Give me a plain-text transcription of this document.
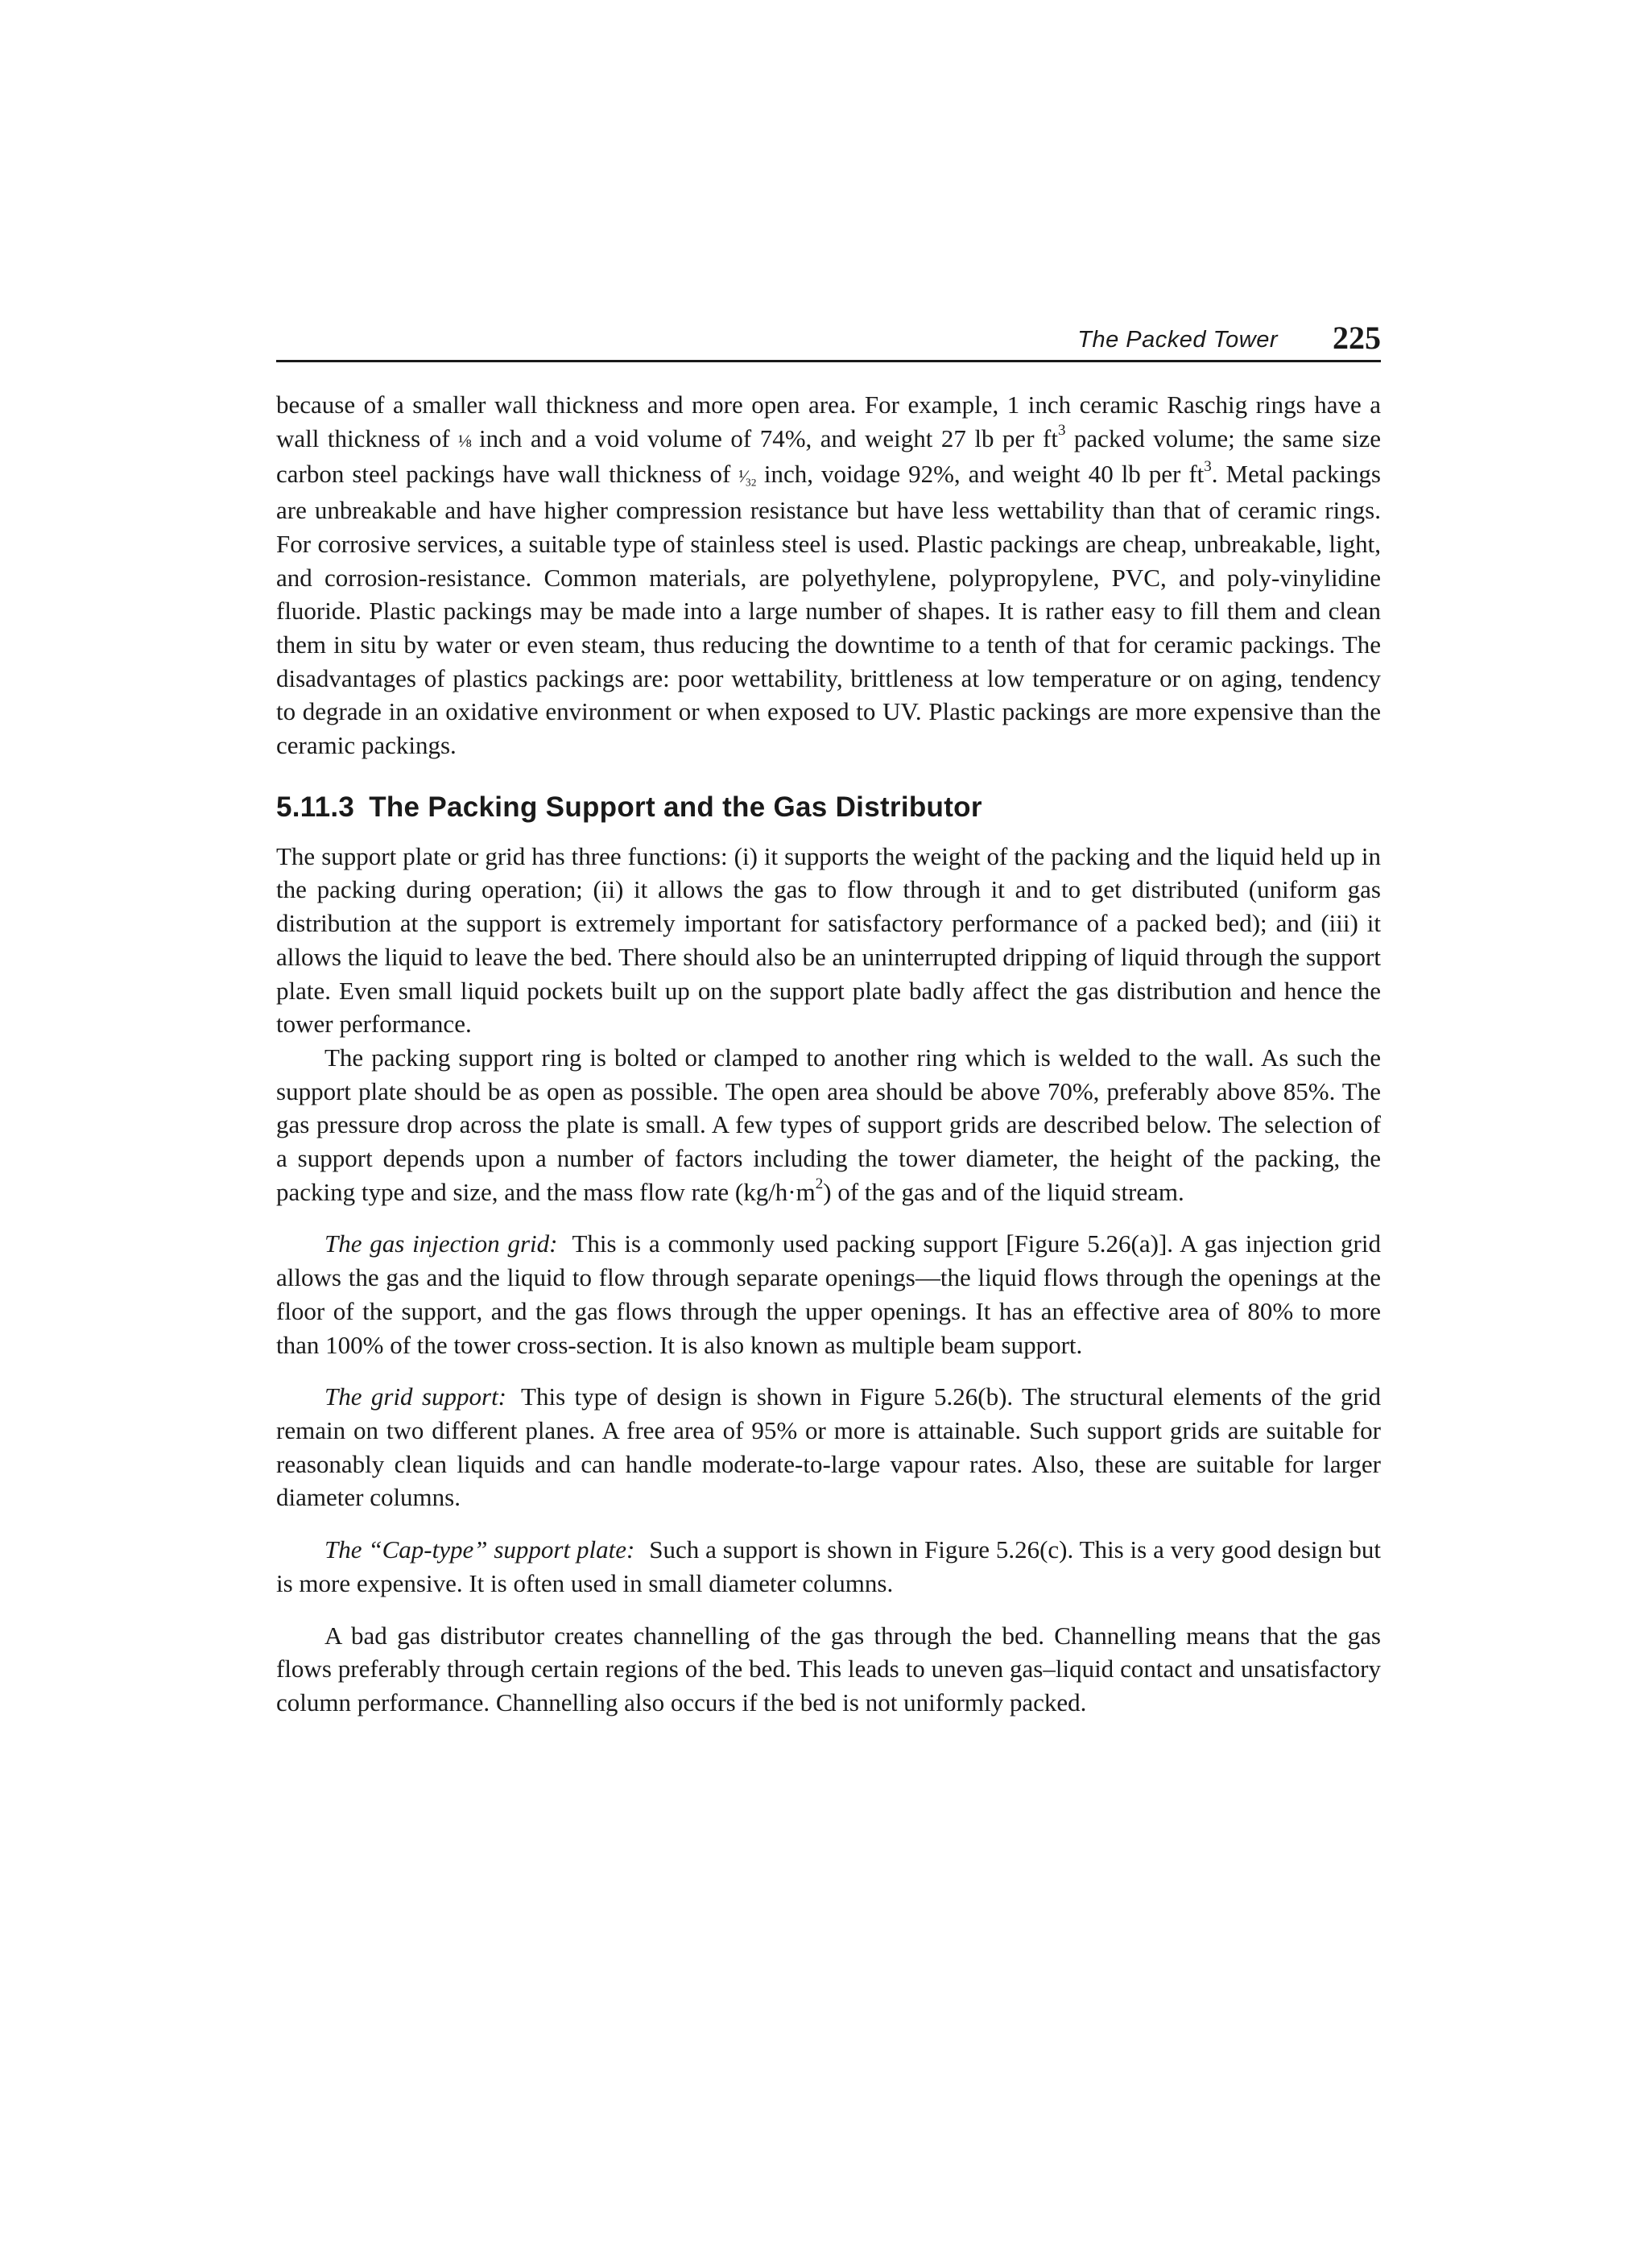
The Packed Tower 225

because of a smaller wall thickness and more open area. For example, 1 inch ceramic Raschig rings have a wall thickness of ⅛ inch and a void volume of 74%, and weight 27 lb per $ft^3$ packed volume; the same size carbon steel packings have wall thickness of ¹⁄₃₂ inch, voidage 92%, and weight 40 lb per $ft^3$. Metal packings are unbreakable and have higher compression resistance but have less wettability than that of ceramic rings. For corrosive services, a suitable type of stainless steel is used. Plastic packings are cheap, unbreakable, light, and corrosion-resistance. Common materials, are polyethylene, polypropylene, PVC, and poly-vinylidine fluoride. Plastic packings may be made into a large number of shapes. It is rather easy to fill them and clean them in situ by water or even steam, thus reducing the downtime to a tenth of that for ceramic packings. The disadvantages of plastics packings are: poor wettability, brittleness at low temperature or on aging, tendency to degrade in an oxidative environment or when exposed to UV. Plastic packings are more expensive than the ceramic packings.

5.11.3 The Packing Support and the Gas Distributor

The support plate or grid has three functions: (i) it supports the weight of the packing and the liquid held up in the packing during operation; (ii) it allows the gas to flow through it and to get distributed (uniform gas distribution at the support is extremely important for satisfactory performance of a packed bed); and (iii) it allows the liquid to leave the bed. There should also be an uninterrupted dripping of liquid through the support plate. Even small liquid pockets built up on the support plate badly affect the gas distribution and hence the tower performance.

The packing support ring is bolted or clamped to another ring which is welded to the wall. As such the support plate should be as open as possible. The open area should be above 70%, preferably above 85%. The gas pressure drop across the plate is small. A few types of support grids are described below. The selection of a support depends upon a number of factors including the tower diameter, the height of the packing, the packing type and size, and the mass flow rate $(kg/h\cdot m^2)$ of the gas and of the liquid stream.

The gas injection grid: This is a commonly used packing support [Figure 5.26(a)]. A gas injection grid allows the gas and the liquid to flow through separate openings—the liquid flows through the openings at the floor of the support, and the gas flows through the upper openings. It has an effective area of 80% to more than 100% of the tower cross-section. It is also known as multiple beam support.

The grid support: This type of design is shown in Figure 5.26(b). The structural elements of the grid remain on two different planes. A free area of 95% or more is attainable. Such support grids are suitable for reasonably clean liquids and can handle moderate-to-large vapour rates. Also, these are suitable for larger diameter columns.

The “Cap-type” support plate: Such a support is shown in Figure 5.26(c). This is a very good design but is more expensive. It is often used in small diameter columns.

A bad gas distributor creates channelling of the gas through the bed. Channelling means that the gas flows preferably through certain regions of the bed. This leads to uneven gas–liquid contact and unsatisfactory column performance. Channelling also occurs if the bed is not uniformly packed.
